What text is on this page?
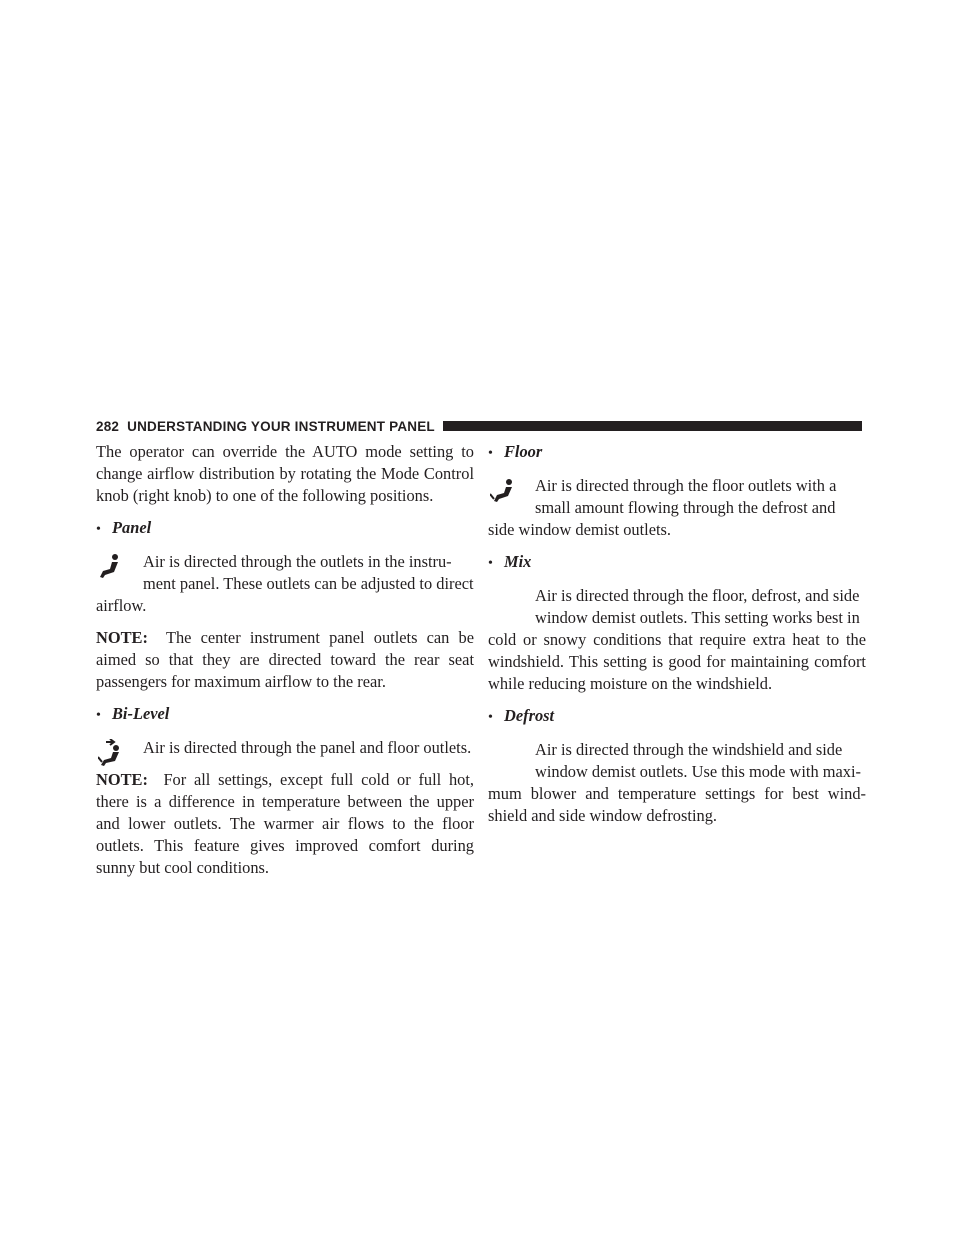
282 UNDERSTANDING YOUR INSTRUMENT PANEL

The operator can override the AUTO mode setting to change airflow distribution by rotating the Mode Control knob (right knob) to one of the following positions.

• Panel

Air is directed through the outlets in the instru-

ment panel. These outlets can be adjusted to direct

airflow.

NOTE: The center instrument panel outlets can be aimed so that they are directed toward the rear seat passengers for maximum airflow to the rear.

• Bi-Level

Air is directed through the panel and floor outlets.

NOTE: For all settings, except full cold or full hot, there is a difference in temperature between the upper and lower outlets. The warmer air flows to the floor outlets. This feature gives improved comfort during sunny but cool conditions.

• Floor

Air is directed through the floor outlets with a

small amount flowing through the defrost and

side window demist outlets.

• Mix

Air is directed through the floor, defrost, and side

window demist outlets. This setting works best in

cold or snowy conditions that require extra heat to the windshield. This setting is good for maintaining comfort while reducing moisture on the windshield.

• Defrost

Air is directed through the windshield and side

window demist outlets. Use this mode with maxi-

mum blower and temperature settings for best wind- shield and side window defrosting.
